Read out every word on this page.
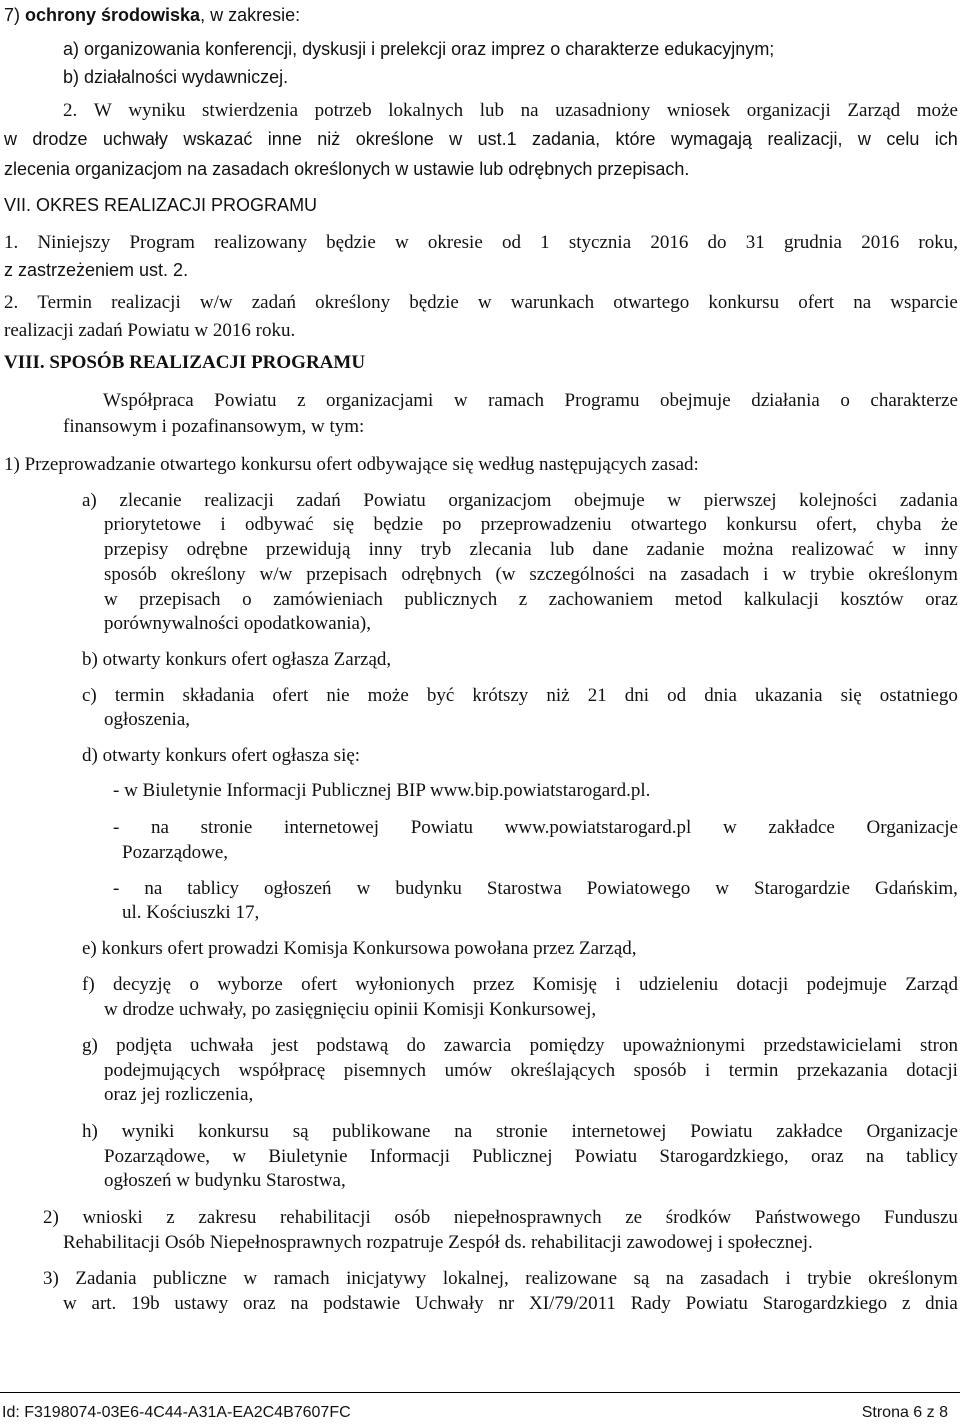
7) ochrony środowiska, w zakresie:
a) organizowania konferencji, dyskusji i prelekcji oraz imprez o charakterze edukacyjnym;
b) działalności wydawniczej.
2. W wyniku stwierdzenia potrzeb lokalnych lub na uzasadniony wniosek organizacji Zarząd może
w drodze uchwały wskazać inne niż określone w ust.1 zadania, które wymagają realizacji, w celu ich
zlecenia organizacjom na zasadach określonych w ustawie lub odrębnych przepisach.
VII. OKRES REALIZACJI PROGRAMU
1. Niniejszy Program realizowany będzie w okresie od 1 stycznia 2016 do 31 grudnia 2016 roku,
z zastrzeżeniem ust. 2.
2. Termin realizacji w/w zadań określony będzie w warunkach otwartego konkursu ofert na wsparcie
realizacji zadań Powiatu w 2016 roku.
VIII. SPOSÓB REALIZACJI PROGRAMU
Współpraca Powiatu z organizacjami w ramach Programu obejmuje działania o charakterze
finansowym i pozafinansowym, w tym:
1) Przeprowadzanie otwartego konkursu ofert odbywające się według następujących zasad:
a) zlecanie realizacji zadań Powiatu organizacjom obejmuje w pierwszej kolejności zadania
priorytetowe i odbywać się będzie po przeprowadzeniu otwartego konkursu ofert, chyba że
przepisy odrębne przewidują inny tryb zlecania lub dane zadanie można realizować w inny
sposób określony w/w przepisach odrębnych (w szczególności na zasadach i w trybie określonym
w przepisach o zamówieniach publicznych z zachowaniem metod kalkulacji kosztów oraz
porównywalności opodatkowania),
b) otwarty konkurs ofert ogłasza Zarząd,
c) termin składania ofert nie może być krótszy niż 21 dni od dnia ukazania się ostatniego
ogłoszenia,
d) otwarty konkurs ofert ogłasza się:
- w Biuletynie Informacji Publicznej BIP www.bip.powiatstarogard.pl.
- na stronie internetowej Powiatu www.powiatstarogard.pl w zakładce Organizacje
Pozarządowe,
- na tablicy ogłoszeń w budynku Starostwa Powiatowego w Starogardzie Gdańskim,
ul. Kościuszki 17,
e) konkurs ofert prowadzi Komisja Konkursowa powołana przez Zarząd,
f) decyzję o wyborze ofert wyłonionych przez Komisję i udzieleniu dotacji podejmuje Zarząd
w drodze uchwały, po zasięgnięciu opinii Komisji Konkursowej,
g) podjęta uchwała jest podstawą do zawarcia pomiędzy upoważnionymi przedstawicielami stron
podejmujących współpracę pisemnych umów określających sposób i termin przekazania dotacji
oraz jej rozliczenia,
h) wyniki konkursu są publikowane na stronie internetowej Powiatu zakładce Organizacje
Pozarządowe, w Biuletynie Informacji Publicznej Powiatu Starogardzkiego, oraz na tablicy
ogłoszeń w budynku Starostwa,
2) wnioski z zakresu rehabilitacji osób niepełnosprawnych ze środków Państwowego Funduszu
Rehabilitacji Osób Niepełnosprawnych rozpatruje Zespół ds. rehabilitacji zawodowej i społecznej.
3) Zadania publiczne w ramach inicjatywy lokalnej, realizowane są na zasadach i trybie określonym
w art. 19b ustawy oraz na podstawie Uchwały nr XI/79/2011 Rady Powiatu Starogardzkiego z dnia
Id: F3198074-03E6-4C44-A31A-EA2C4B7607FC	Strona 6 z 8
